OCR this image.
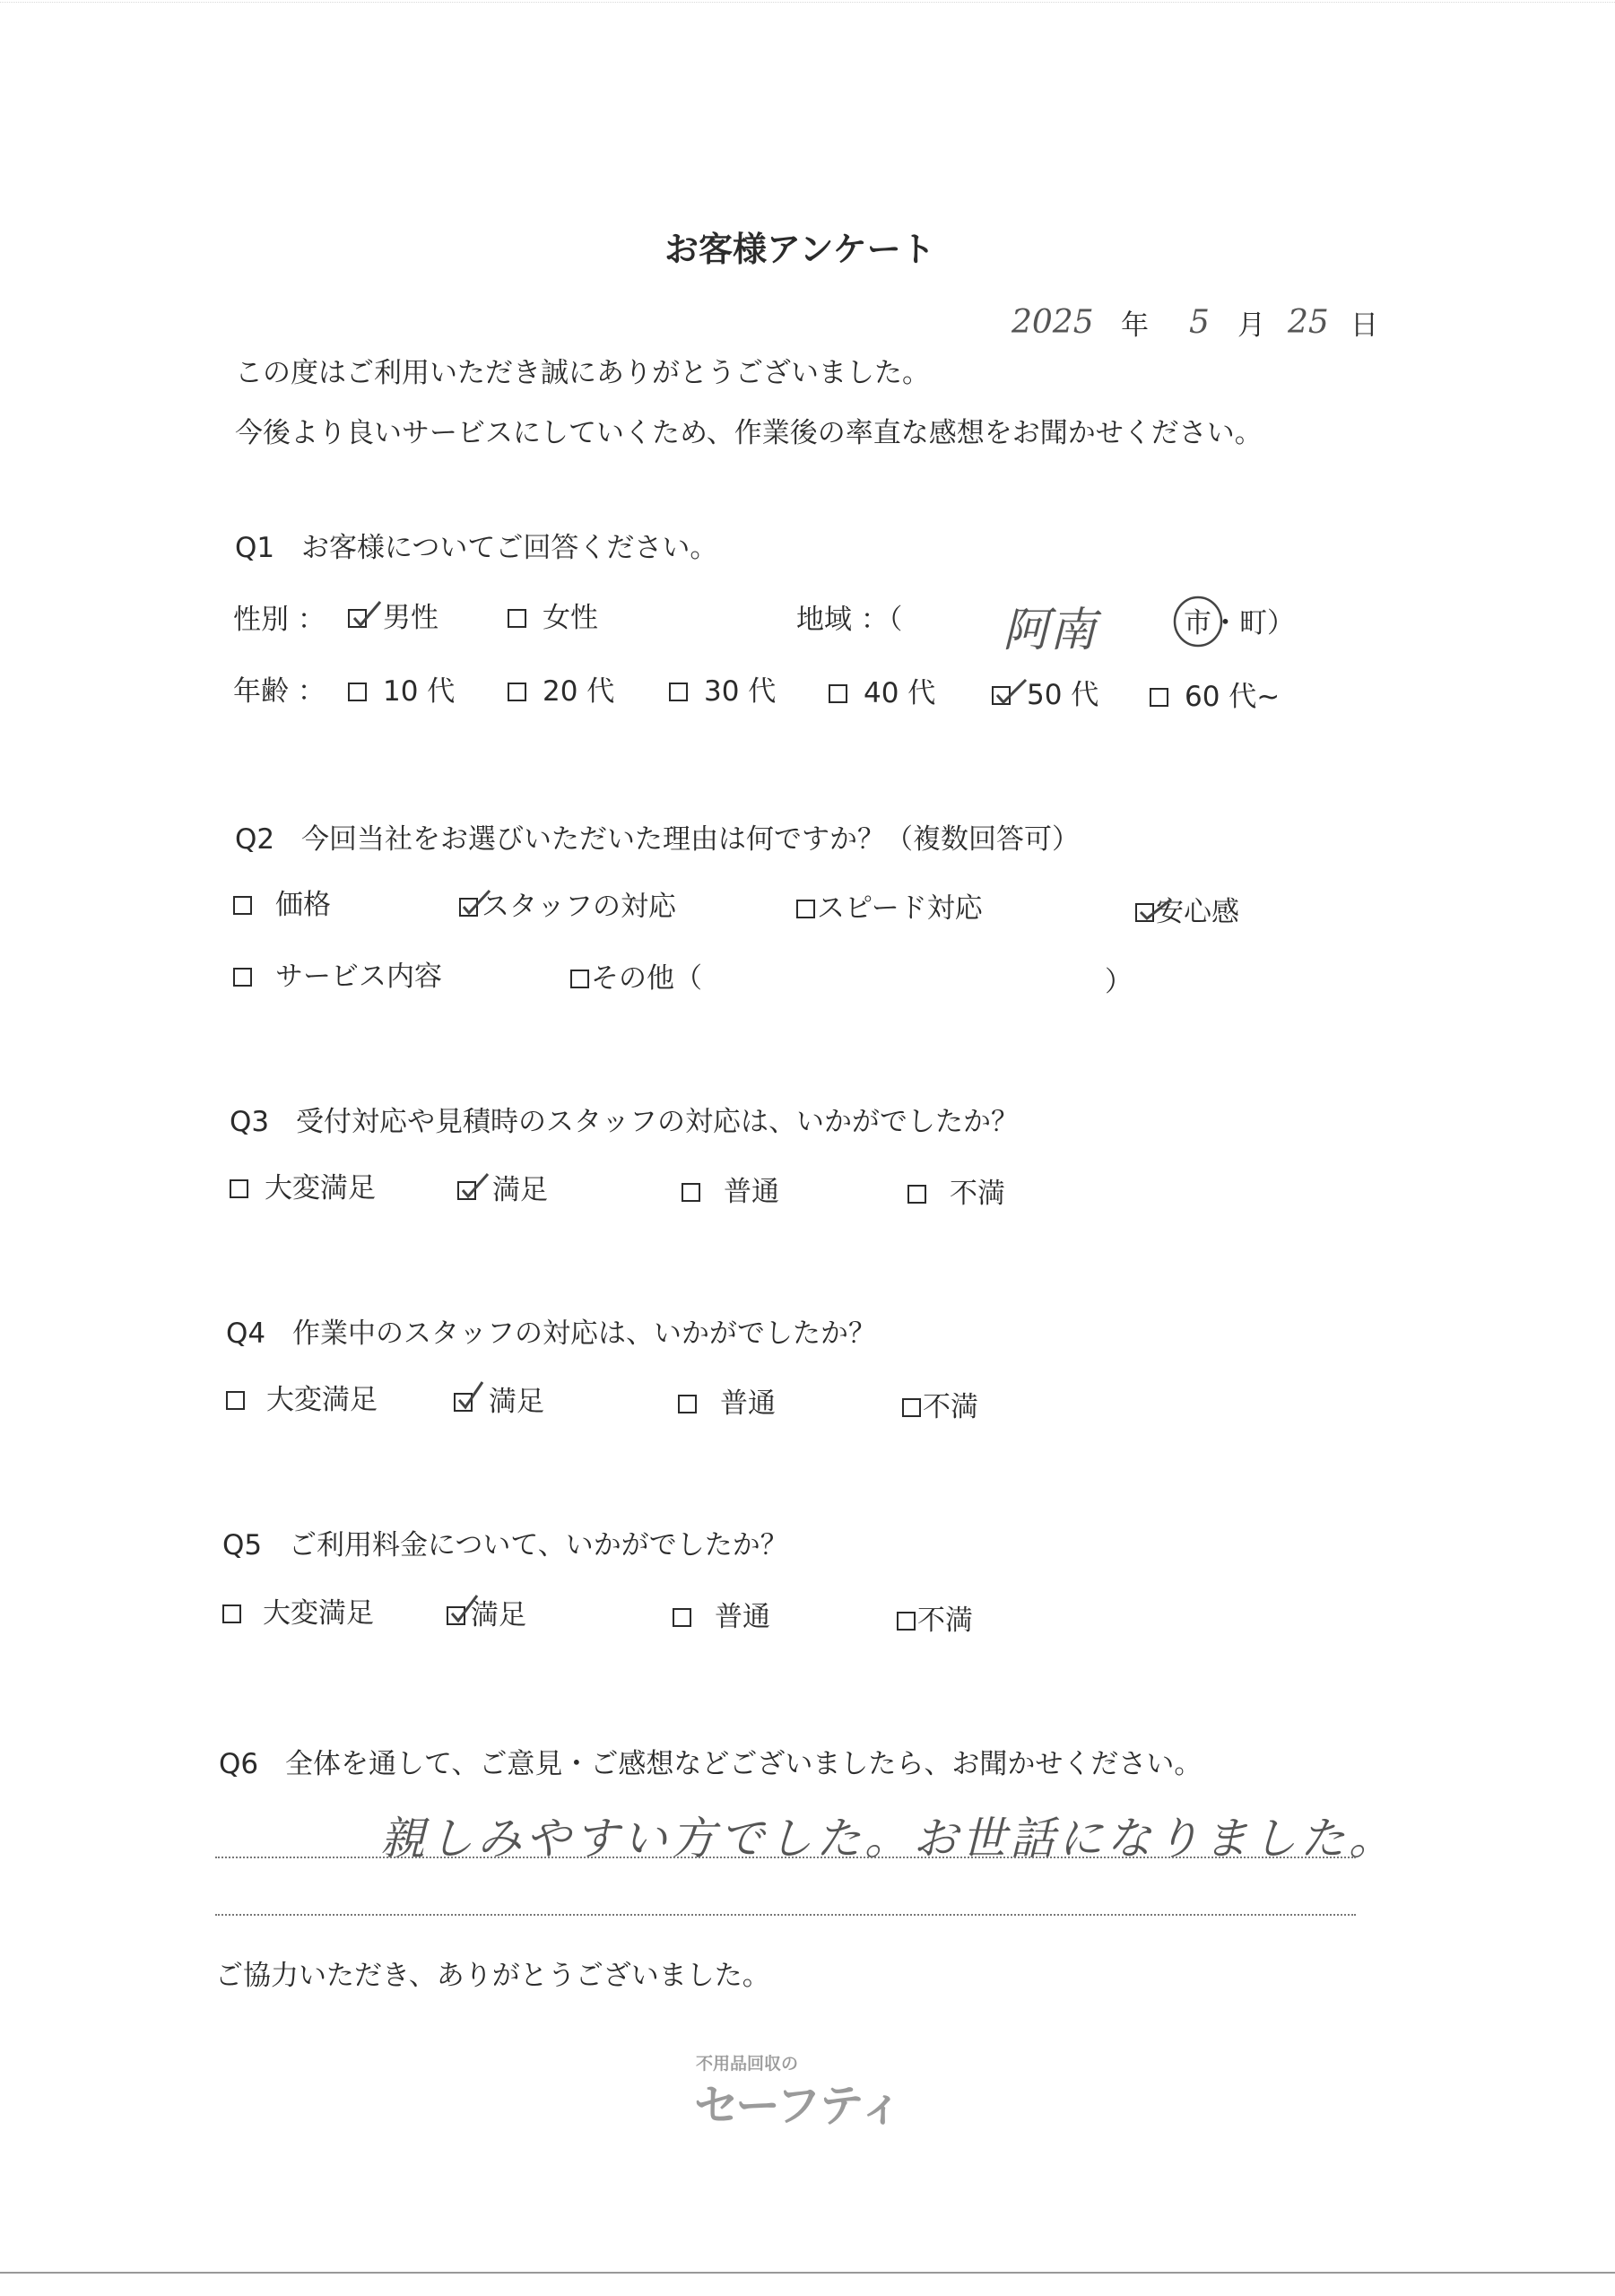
お客様アンケート
2025 年 5 月 25 日
この度はご利用いただき誠にありがとうございました。
今後より良いサービスにしていくため、作業後の率直な感想をお聞かせください。
Q1 お客様についてご回答ください。
性別 ： 男性	女性	地域 ：（ 阿南	市
・町）
年齢 ： 10 代	20 代	30 代	40 代	50 代	60 代~
Q2 今回当社をお選びいただいた理由は何ですか？（複数回答可）
価格	スタッフの対応	スピード対応	安心感
サービス内容	その他（	）
Q3 受付対応や見積時のスタッフの対応は、いかがでしたか？
大変満足	満足	普通	不満
Q4 作業中のスタッフの対応は、いかがでしたか？
大変満足	満足	普通	不満
Q5 ご利用料金について、いかがでしたか？
大変満足	満足	普通	不満
Q6 全体を通して、ご意見・ご感想などございましたら、お聞かせください。
親しみやすい方でした。お世話になりました。
ご協力いただき、ありがとうございました。
不用品回収の
セーフティ
